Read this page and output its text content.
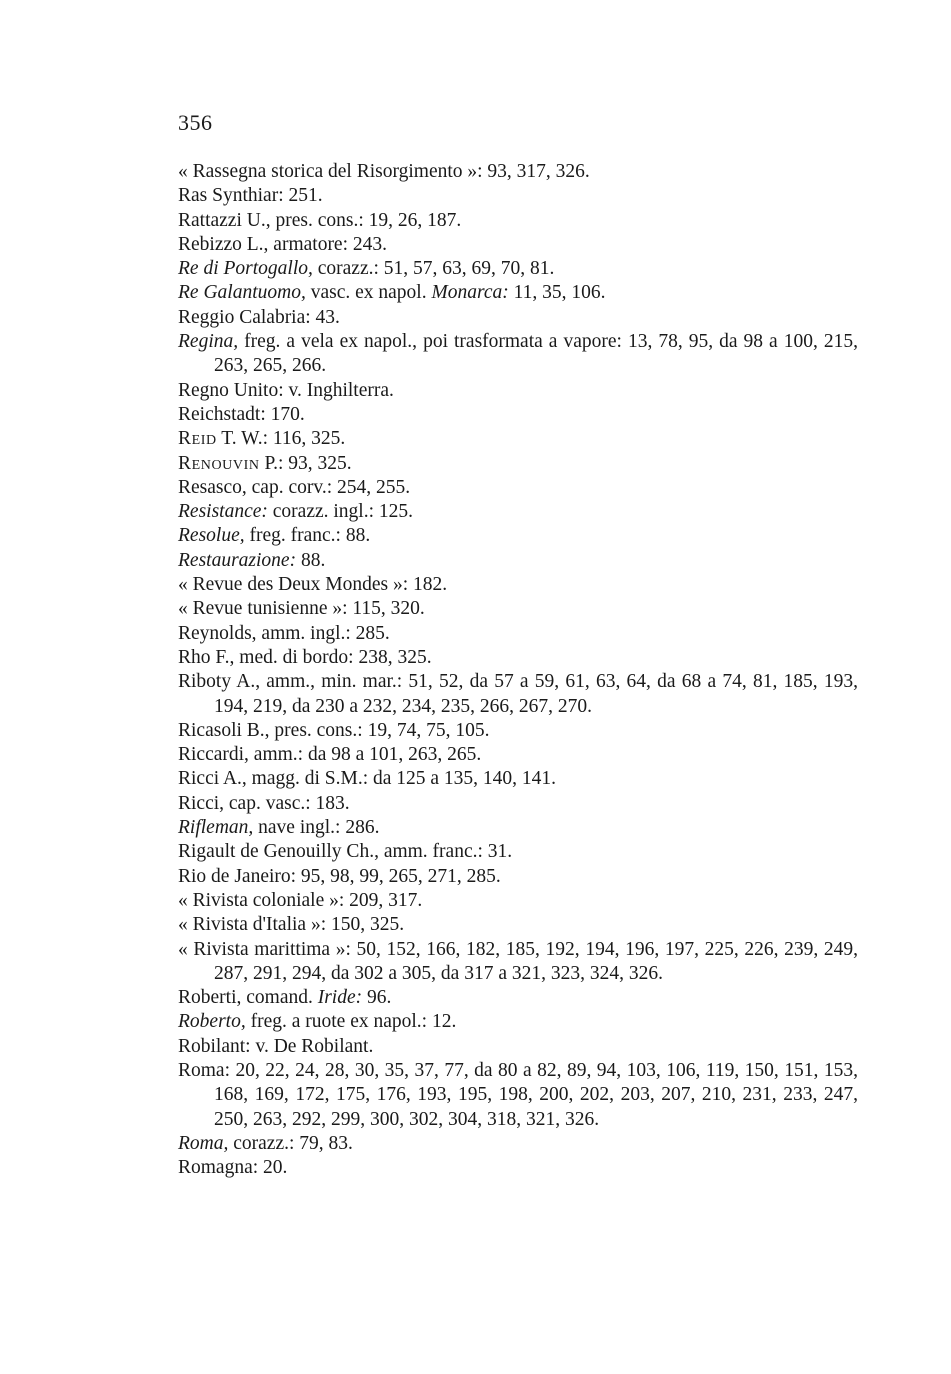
356
« Rassegna storica del Risorgimento »: 93, 317, 326.
Ras Synthiar: 251.
Rattazzi U., pres. cons.: 19, 26, 187.
Rebizzo L., armatore: 243.
Re di Portogallo, corazz.: 51, 57, 63, 69, 70, 81.
Re Galantuomo, vasc. ex napol. Monarca: 11, 35, 106.
Reggio Calabria: 43.
Regina, freg. a vela ex napol., poi trasformata a vapore: 13, 78, 95, da 98 a 100, 215, 263, 265, 266.
Regno Unito: v. Inghilterra.
Reichstadt: 170.
Reid T. W.: 116, 325.
Renouvin P.: 93, 325.
Resasco, cap. corv.: 254, 255.
Resistance: corazz. ingl.: 125.
Resolue, freg. franc.: 88.
Restaurazione: 88.
« Revue des Deux Mondes »: 182.
« Revue tunisienne »: 115, 320.
Reynolds, amm. ingl.: 285.
Rho F., med. di bordo: 238, 325.
Riboty A., amm., min. mar.: 51, 52, da 57 a 59, 61, 63, 64, da 68 a 74, 81, 185, 193, 194, 219, da 230 a 232, 234, 235, 266, 267, 270.
Ricasoli B., pres. cons.: 19, 74, 75, 105.
Riccardi, amm.: da 98 a 101, 263, 265.
Ricci A., magg. di S.M.: da 125 a 135, 140, 141.
Ricci, cap. vasc.: 183.
Rifleman, nave ingl.: 286.
Rigault de Genouilly Ch., amm. franc.: 31.
Rio de Janeiro: 95, 98, 99, 265, 271, 285.
« Rivista coloniale »: 209, 317.
« Rivista d'Italia »: 150, 325.
« Rivista marittima »: 50, 152, 166, 182, 185, 192, 194, 196, 197, 225, 226, 239, 249, 287, 291, 294, da 302 a 305, da 317 a 321, 323, 324, 326.
Roberti, comand. Iride: 96.
Roberto, freg. a ruote ex napol.: 12.
Robilant: v. De Robilant.
Roma: 20, 22, 24, 28, 30, 35, 37, 77, da 80 a 82, 89, 94, 103, 106, 119, 150, 151, 153, 168, 169, 172, 175, 176, 193, 195, 198, 200, 202, 203, 207, 210, 231, 233, 247, 250, 263, 292, 299, 300, 302, 304, 318, 321, 326.
Roma, corazz.: 79, 83.
Romagna: 20.
